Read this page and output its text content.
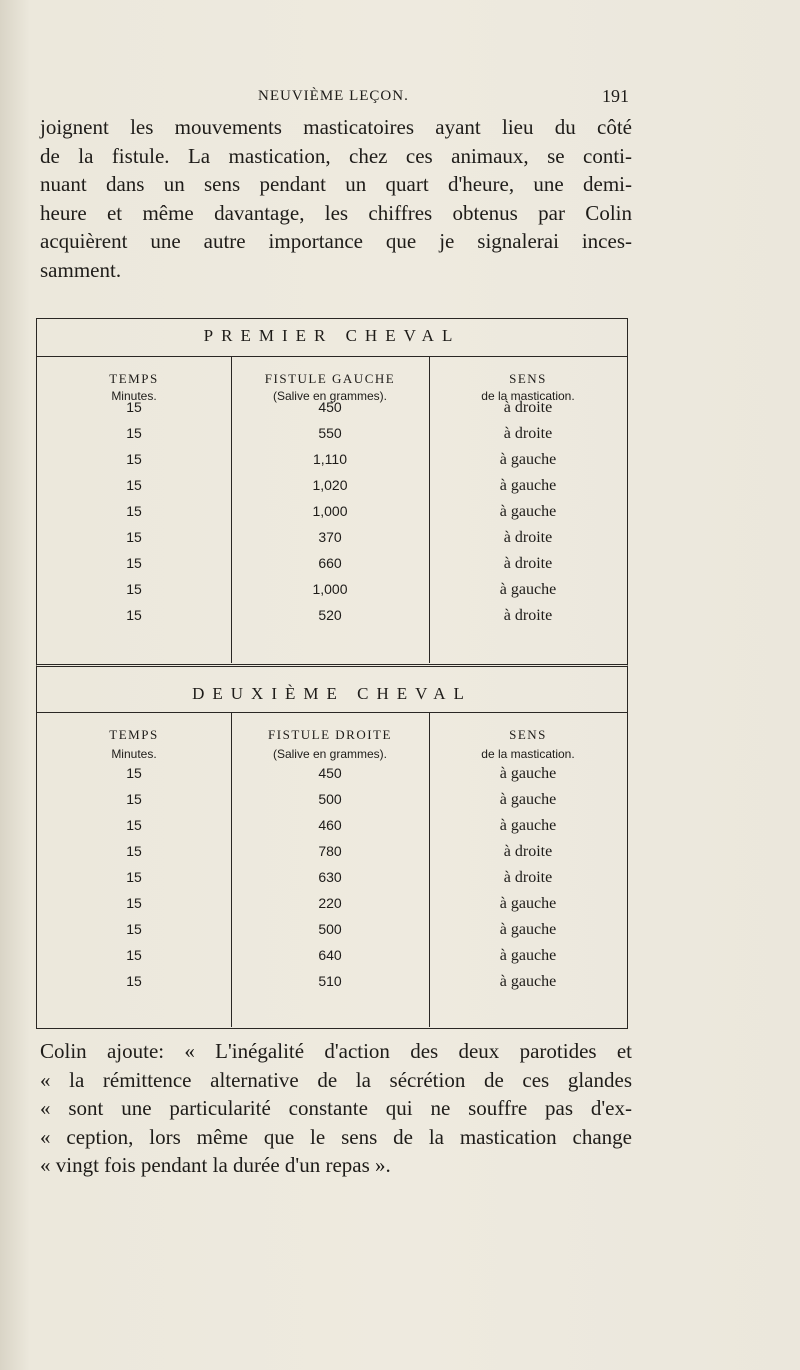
NEUVIÈME LEÇON.	191
joignent les mouvements masticatoires ayant lieu du côté
de la fistule. La mastication, chez ces animaux, se conti-
nuant dans un sens pendant un quart d'heure, une demi-
heure et même davantage, les chiffres obtenus par Colin
acquièrent une autre importance que je signalerai inces-
samment.
PREMIER CHEVAL
TEMPS	FISTULE GAUCHE	SENS
Minutes.	(Salive en grammes).	de la mastication.
15	450	à droite
15	550	à droite
15	1,110	à gauche
15	1,020	à gauche
15	1,000	à gauche
15	370	à droite
15	660	à droite
15	1,000	à gauche
15	520	à droite
DEUXIÈME CHEVAL
TEMPS	FISTULE DROITE	SENS
Minutes.	(Salive en grammes).	de la mastication.
15	450	à gauche
15	500	à gauche
15	460	à gauche
15	780	à droite
15	630	à droite
15	220	à gauche
15	500	à gauche
15	640	à gauche
15	510	à gauche
Colin ajoute: « L'inégalité d'action des deux parotides et
« la rémittence alternative de la sécrétion de ces glandes
« sont une particularité constante qui ne souffre pas d'ex-
« ception, lors même que le sens de la mastication change
« vingt fois pendant la durée d'un repas ».
